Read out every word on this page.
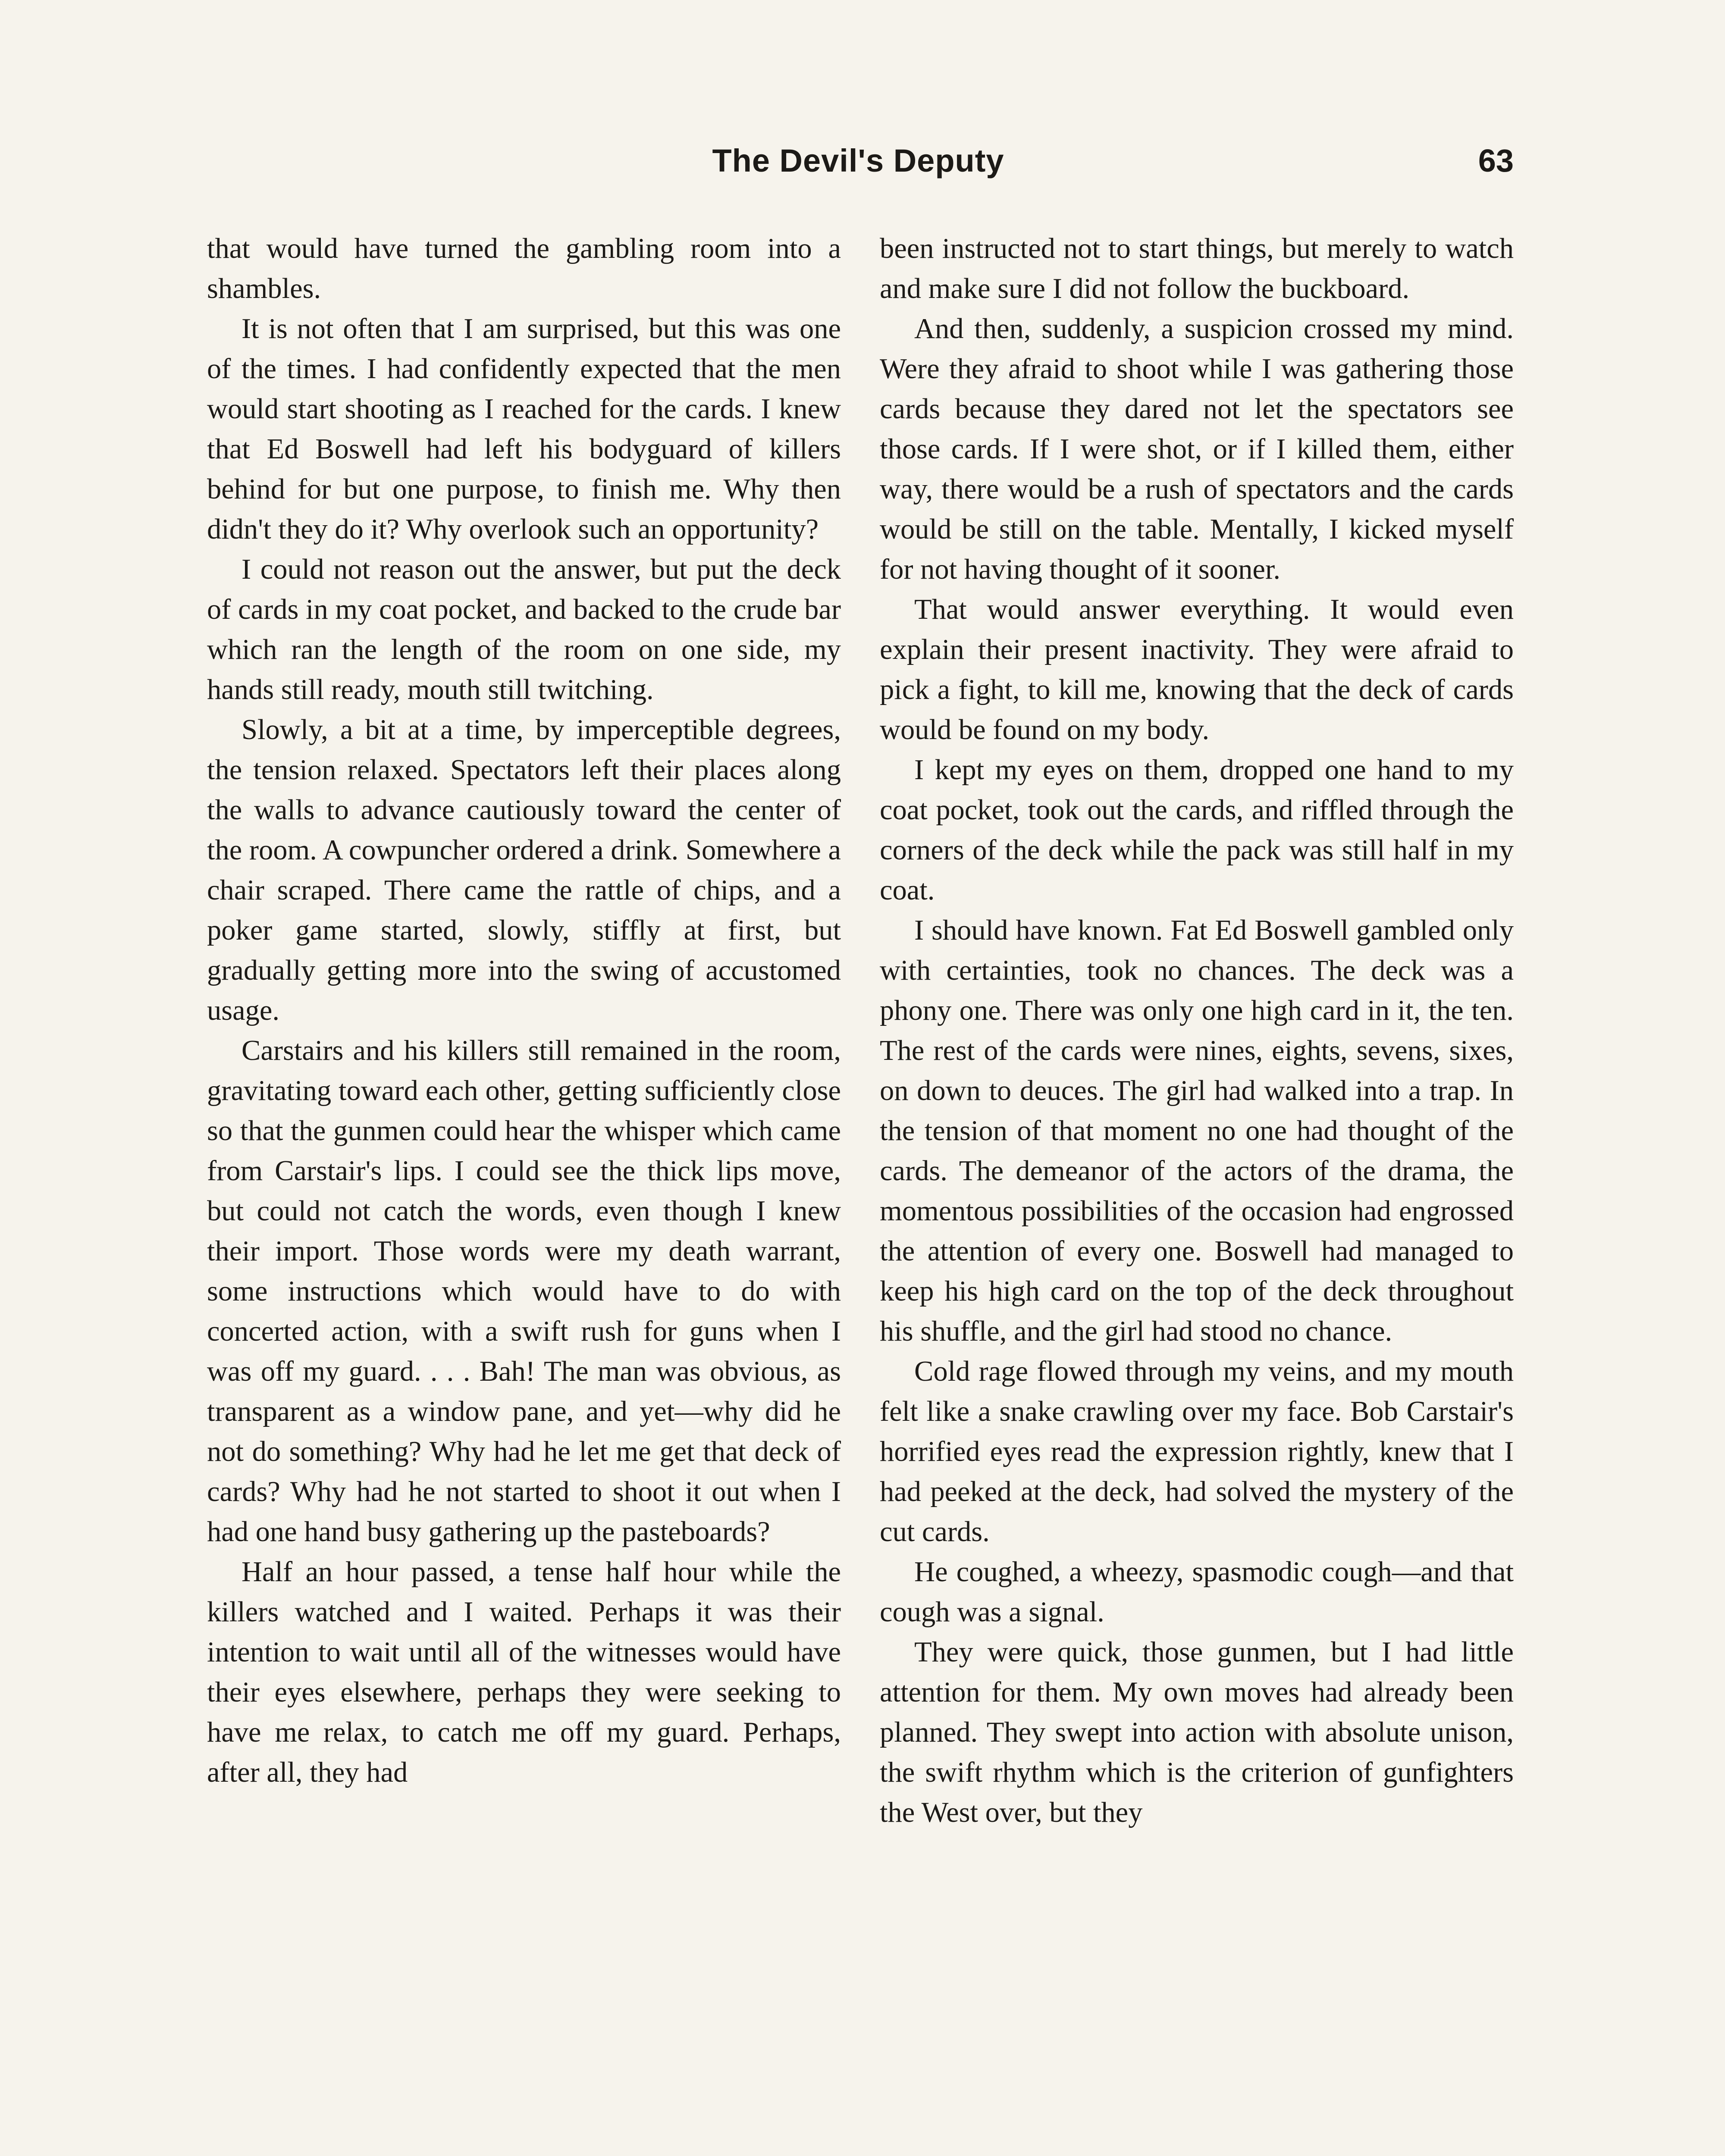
The Devil's Deputy	63

that would have turned the gambling room into a shambles.

It is not often that I am surprised, but this was one of the times. I had confidently expected that the men would start shooting as I reached for the cards. I knew that Ed Boswell had left his bodyguard of killers behind for but one purpose, to finish me. Why then didn't they do it? Why overlook such an opportunity?

I could not reason out the answer, but put the deck of cards in my coat pocket, and backed to the crude bar which ran the length of the room on one side, my hands still ready, mouth still twitching.

Slowly, a bit at a time, by imperceptible degrees, the tension relaxed. Spectators left their places along the walls to advance cautiously toward the center of the room. A cowpuncher ordered a drink. Somewhere a chair scraped. There came the rattle of chips, and a poker game started, slowly, stiffly at first, but gradually getting more into the swing of accustomed usage.

Carstairs and his killers still remained in the room, gravitating toward each other, getting sufficiently close so that the gunmen could hear the whisper which came from Carstair's lips. I could see the thick lips move, but could not catch the words, even though I knew their import. Those words were my death warrant, some instructions which would have to do with concerted action, with a swift rush for guns when I was off my guard. . . . Bah! The man was obvious, as transparent as a window pane, and yet—why did he not do something? Why had he let me get that deck of cards? Why had he not started to shoot it out when I had one hand busy gathering up the pasteboards?

Half an hour passed, a tense half hour while the killers watched and I waited. Perhaps it was their intention to wait until all of the witnesses would have their eyes elsewhere, perhaps they were seeking to have me relax, to catch me off my guard. Perhaps, after all, they had

been instructed not to start things, but merely to watch and make sure I did not follow the buckboard.

And then, suddenly, a suspicion crossed my mind. Were they afraid to shoot while I was gathering those cards because they dared not let the spectators see those cards. If I were shot, or if I killed them, either way, there would be a rush of spectators and the cards would be still on the table. Mentally, I kicked myself for not having thought of it sooner.

That would answer everything. It would even explain their present inactivity. They were afraid to pick a fight, to kill me, knowing that the deck of cards would be found on my body.

I kept my eyes on them, dropped one hand to my coat pocket, took out the cards, and riffled through the corners of the deck while the pack was still half in my coat.

I should have known. Fat Ed Boswell gambled only with certainties, took no chances. The deck was a phony one. There was only one high card in it, the ten. The rest of the cards were nines, eights, sevens, sixes, on down to deuces. The girl had walked into a trap. In the tension of that moment no one had thought of the cards. The demeanor of the actors of the drama, the momentous possibilities of the occasion had engrossed the attention of every one. Boswell had managed to keep his high card on the top of the deck throughout his shuffle, and the girl had stood no chance.

Cold rage flowed through my veins, and my mouth felt like a snake crawling over my face. Bob Carstair's horrified eyes read the expression rightly, knew that I had peeked at the deck, had solved the mystery of the cut cards.

He coughed, a wheezy, spasmodic cough—and that cough was a signal.

They were quick, those gunmen, but I had little attention for them. My own moves had already been planned. They swept into action with absolute unison, the swift rhythm which is the criterion of gunfighters the West over, but they
